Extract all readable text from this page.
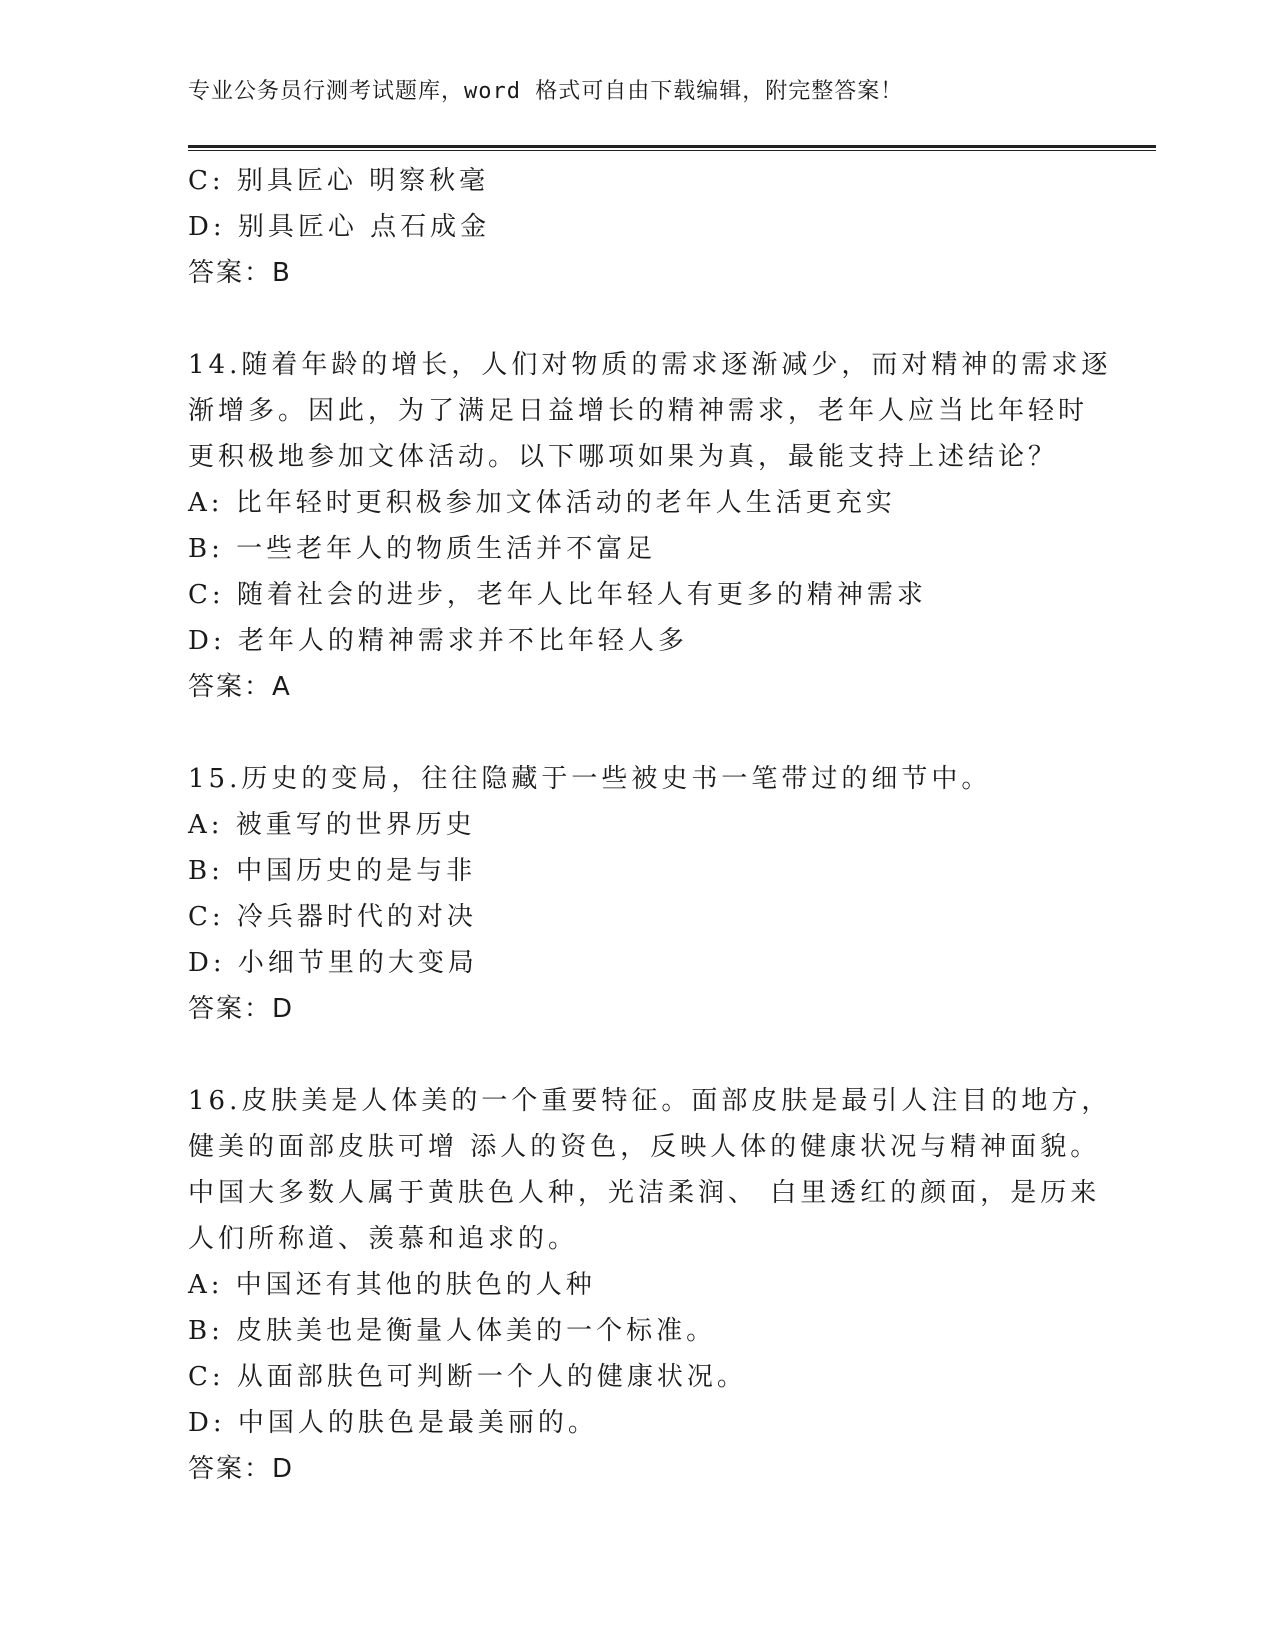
专业公务员行测考试题库，word 格式可自由下载编辑，附完整答案！
C: 别具匠心 明察秋毫
D: 别具匠心 点石成金
答案：B
14.随着年龄的增长，人们对物质的需求逐渐减少，而对精神的需求逐
渐增多。因此，为了满足日益增长的精神需求，老年人应当比年轻时
更积极地参加文体活动。以下哪项如果为真，最能支持上述结论？
A: 比年轻时更积极参加文体活动的老年人生活更充实
B: 一些老年人的物质生活并不富足
C: 随着社会的进步，老年人比年轻人有更多的精神需求
D: 老年人的精神需求并不比年轻人多
答案：A
15.历史的变局，往往隐藏于一些被史书一笔带过的细节中。
A: 被重写的世界历史
B: 中国历史的是与非
C: 冷兵器时代的对决
D: 小细节里的大变局
答案：D
16.皮肤美是人体美的一个重要特征。面部皮肤是最引人注目的地方，
健美的面部皮肤可增 添人的资色，反映人体的健康状况与精神面貌。
中国大多数人属于黄肤色人种，光洁柔润、 白里透红的颜面，是历来
人们所称道、羡慕和追求的。
A: 中国还有其他的肤色的人种
B: 皮肤美也是衡量人体美的一个标准。
C: 从面部肤色可判断一个人的健康状况。
D: 中国人的肤色是最美丽的。
答案：D
